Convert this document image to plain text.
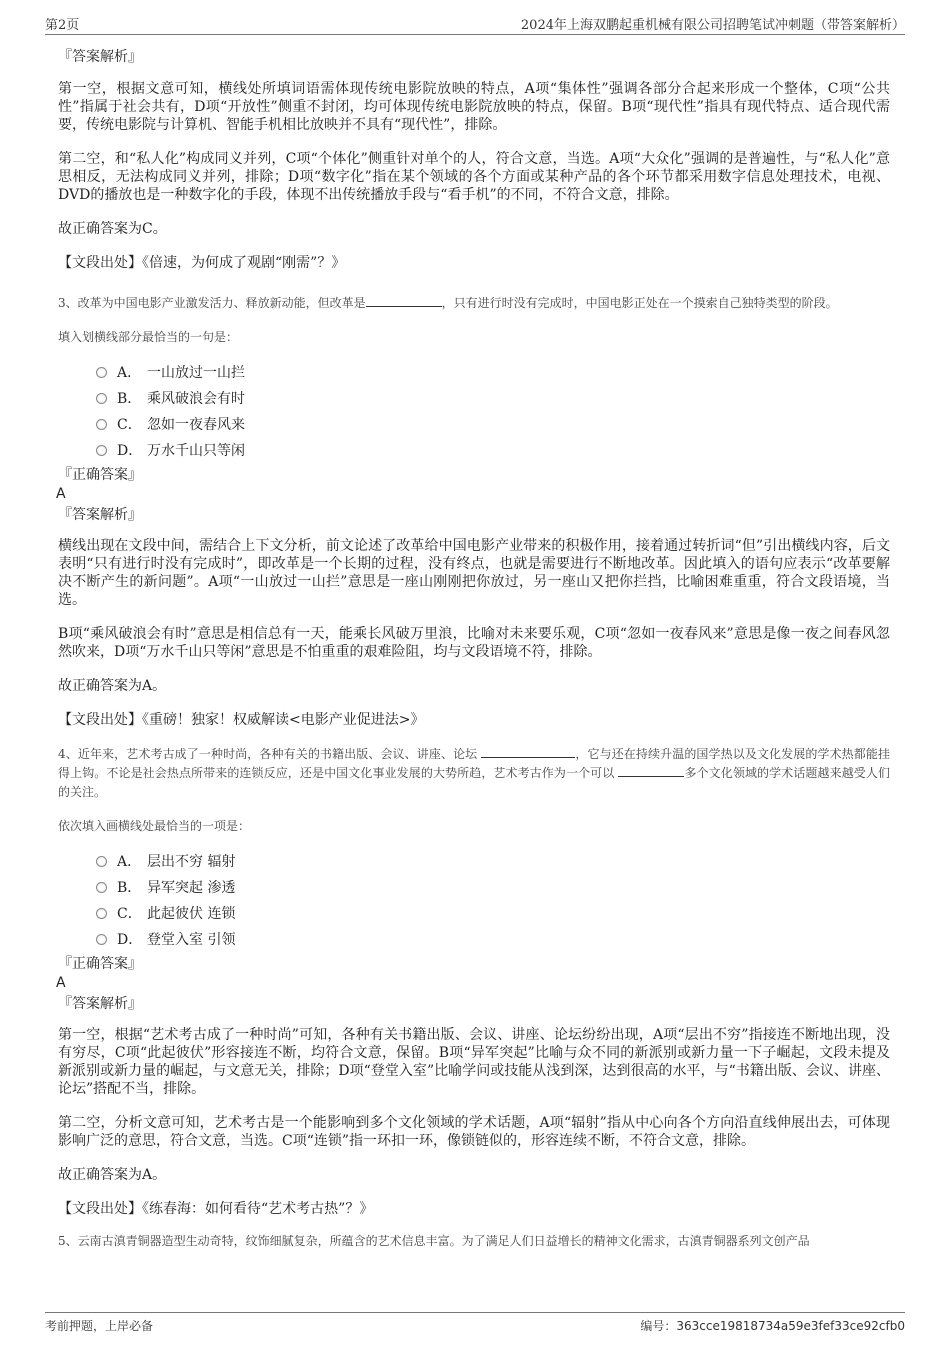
第2页	2024年上海双鹏起重机械有限公司招聘笔试冲刺题（带答案解析）

『答案解析』

第一空，根据文意可知，横线处所填词语需体现传统电影院放映的特点，A项“集体性”强调各部分合起来形成一个整体，C项“公共性”指属于社会共有，D项“开放性”侧重不封闭，均可体现传统电影院放映的特点，保留。B项“现代性”指具有现代特点、适合现代需要，传统电影院与计算机、智能手机相比放映并不具有“现代性”，排除。

第二空，和“私人化”构成同义并列，C项“个体化”侧重针对单个的人，符合文意，当选。A项“大众化”强调的是普遍性，与“私人化”意思相反，无法构成同义并列，排除；D项“数字化”指在某个领域的各个方面或某种产品的各个环节都采用数字信息处理技术，电视、DVD的播放也是一种数字化的手段，体现不出传统播放手段与“看手机”的不同，不符合文意，排除。

故正确答案为C。

【文段出处】《倍速，为何成了观剧“刚需”？》

3、改革为中国电影产业激发活力、释放新动能，但改革是	，只有进行时没有完成时，中国电影正处在一个摸索自己独特类型的阶段。

填入划横线部分最恰当的一句是：

A． 一山放过一山拦
B． 乘风破浪会有时
C． 忽如一夜春风来
D． 万水千山只等闲

『正确答案』

A

『答案解析』

横线出现在文段中间，需结合上下文分析，前文论述了改革给中国电影产业带来的积极作用，接着通过转折词“但”引出横线内容，后文表明“只有进行时没有完成时”，即改革是一个长期的过程，没有终点，也就是需要进行不断地改革。因此填入的语句应表示“改革要解决不断产生的新问题”。A项“一山放过一山拦”意思是一座山刚刚把你放过，另一座山又把你拦挡，比喻困难重重，符合文段语境，当选。

B项“乘风破浪会有时”意思是相信总有一天，能乘长风破万里浪，比喻对未来要乐观，C项“忽如一夜春风来”意思是像一夜之间春风忽然吹来，D项“万水千山只等闲”意思是不怕重重的艰难险阻，均与文段语境不符，排除。

故正确答案为A。

【文段出处】《重磅！独家！权威解读<电影产业促进法>》

4、近年来，艺术考古成了一种时尚，各种有关的书籍出版、会议、讲座、论坛	，它与还在持续升温的国学热以及文化发展的学术热都能挂得上钩。不论是社会热点所带来的连锁反应，还是中国文化事业发展的大势所趋，艺术考古作为一个可以	多个文化领域的学术话题越来越受人们的关注。

依次填入画横线处最恰当的一项是：

A． 层出不穷 辐射
B． 异军突起 渗透
C． 此起彼伏 连锁
D． 登堂入室 引领

『正确答案』

A

『答案解析』

第一空，根据“艺术考古成了一种时尚”可知，各种有关书籍出版、会议、讲座、论坛纷纷出现，A项“层出不穷”指接连不断地出现，没有穷尽，C项“此起彼伏”形容接连不断，均符合文意，保留。B项“异军突起”比喻与众不同的新派别或新力量一下子崛起，文段未提及新派别或新力量的崛起，与文意无关，排除；D项“登堂入室”比喻学问或技能从浅到深，达到很高的水平，与“书籍出版、会议、讲座、论坛”搭配不当，排除。

第二空，分析文意可知，艺术考古是一个能影响到多个文化领域的学术话题，A项“辐射”指从中心向各个方向沿直线伸展出去，可体现影响广泛的意思，符合文意，当选。C项“连锁”指一环扣一环，像锁链似的，形容连续不断，不符合文意，排除。

故正确答案为A。

【文段出处】《练春海：如何看待“艺术考古热”？》

5、云南古滇青铜器造型生动奇特，纹饰细腻复杂，所蕴含的艺术信息丰富。为了满足人们日益增长的精神文化需求，古滇青铜器系列文创产品

考前押题，上岸必备	编号：363cce19818734a59e3fef33ce92cfb0
